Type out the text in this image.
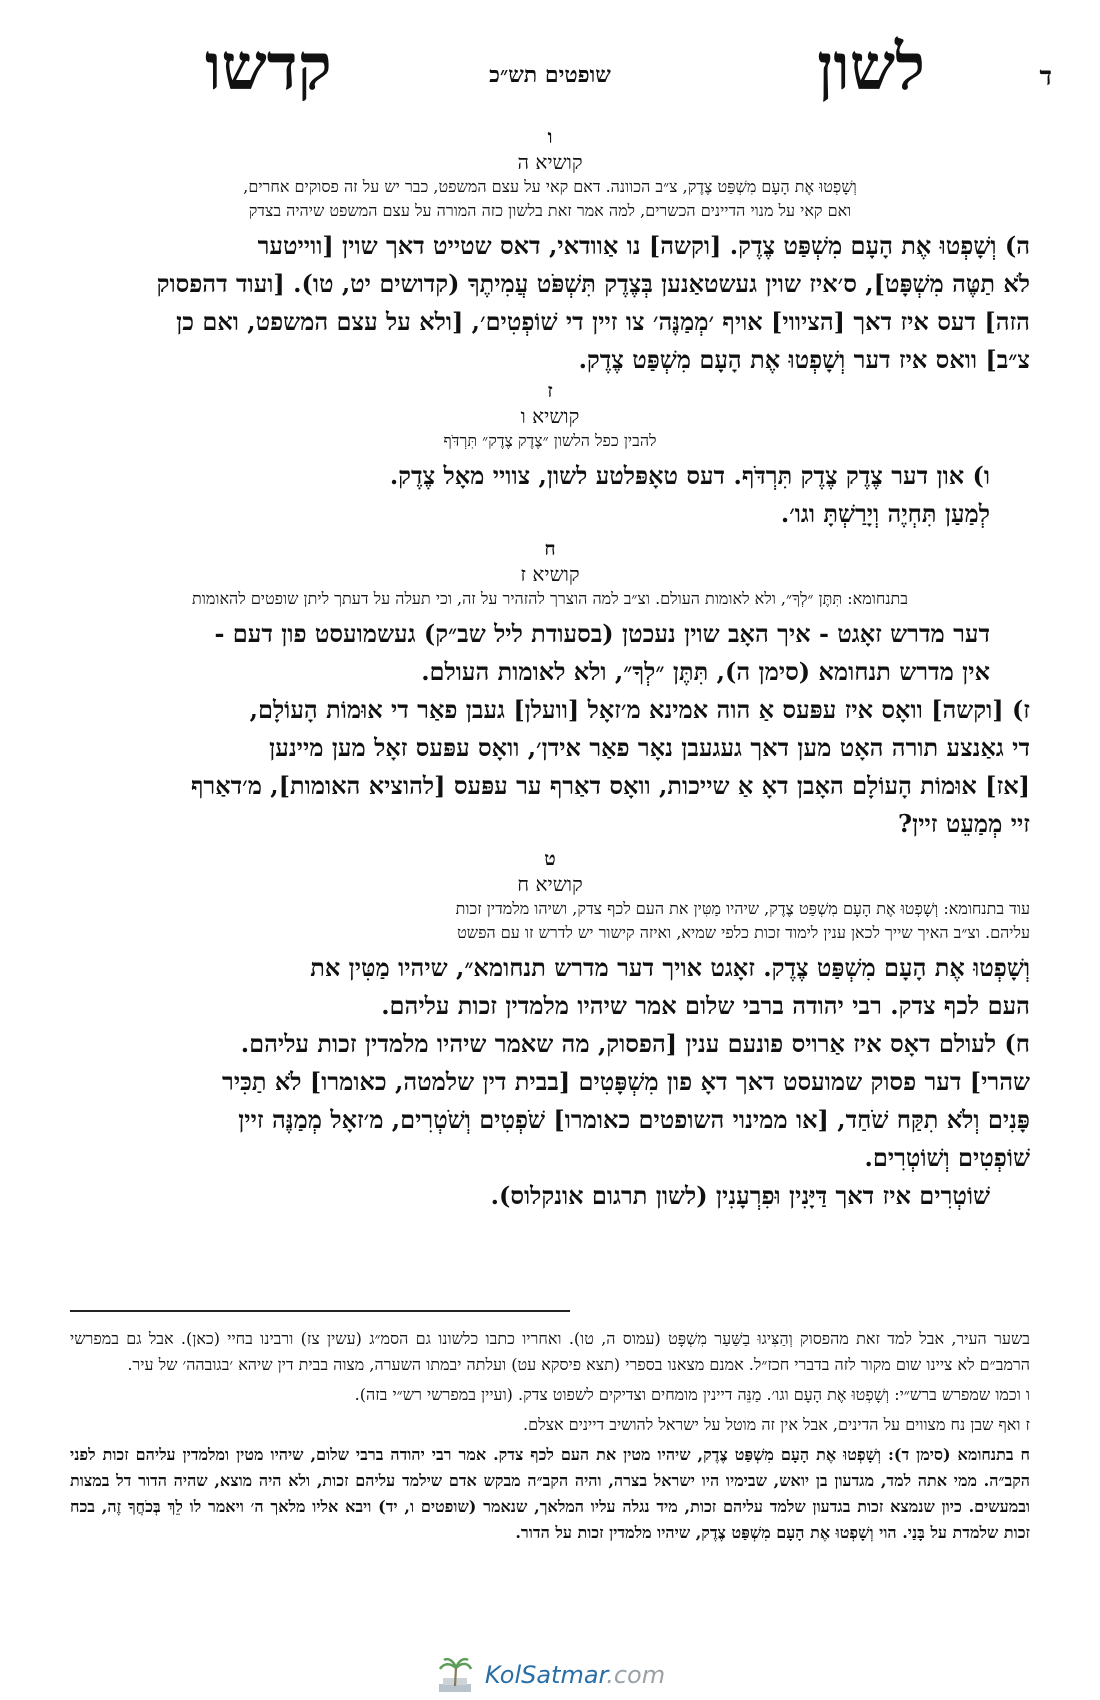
ד
לשון
שופטים תש״כ
קדשו

ו

קושיא ה

וְשָׁפְטוּ אֶת הָעָם מִשְׁפַּט צֶדֶק, צ״ב הכוונה. דאם קאי על עצם המשפט, כבר יש על זה פסוקים אחרים,
ואם קאי על מנוי הדיינים הכשרים, למה אמר זאת בלשון כזה המורה על עצם המשפט שיהיה בצדק

ה) וְשָׁפְטוּ אֶת הָעָם מִשְׁפַּט צֶדֶק. [וקשה] נו אַוודאי, דאס שטייט דאך שוין [ווייטער
לֹא תַטֶּה מִשְׁפָּט], ס׳איז שוין געשטאַנען בְּצֶדֶק תִּשְׁפֹּט עֲמִיתֶךָ (קדושים יט, טו). [ועוד דהפסוק
הזה] דעס איז דאך [הציווי] אויף ׳מְמַנֶּה׳ צו זיין די שׁוֹפְטִים׳, [ולא על עצם המשפט, ואם כן
צ״ב] וואס איז דער וְשָׁפְטוּ אֶת הָעָם מִשְׁפַּט צֶדֶק.

ז

קושיא ו

להבין כפל הלשון ״צֶדֶק צֶדֶק״ תִּרְדֹּף

ו) און דער צֶדֶק צֶדֶק תִּרְדֹּף. דעס טאָפּלטע לשון, צוויי מאָל צֶדֶק.
לְמַעַן תִּחְיֶה וְיָרַשְׁתָּ וגו׳.

ח

קושיא ז

בתנחומא: תִּתֶּן ״לְךָ״, ולא לאומות העולם. וצ״ב למה הוצרך להזהיר על זה, וכי תעלה על דעתך ליתן שופטים להאומות

דער מדרש זאָגט - איך האָב שוין נעכטן (בסעודת ליל שב״ק) געשמועסט פון דעם -
אין מדרש תנחומא (סימן ה), תִּתֶּן ״לְךָ״, ולא לאומות העולם.

ז) [וקשה] וואָס איז עפּעס אַ הוה אמינא מ׳זאָל [וועלן] געבן פאַר די אוּמוֹת הָעוֹלָם,
די גאַנצע תורה האָט מען דאך געגעבן נאָר פאַר אידן׳, וואָס עפּעס זאָל מען מיינען
[אז] אוּמוֹת הָעוֹלָם האָבן דאָ אַ שייכות, וואָס דאַרף ער עפּעס [להוציא האומות], מ׳דאַרף
זיי מְמַעֵט זיין?

ט

קושיא ח

עוד בתנחומא: וְשָׁפְטוּ אֶת הָעָם מִשְׁפַּט צֶדֶק, שיהיו מַטִּין את העם לכף צדק, ושיהו מלמדין זכות
עליהם. וצ״ב האיך שייך לכאן ענין לימוד זכות כלפי שמיא, ואיזה קישור יש לדרש זו עם הפשט

וְשָׁפְטוּ אֶת הָעָם מִשְׁפַּט צֶדֶק. זאָגט אויך דער מדרש תנחומא״, שיהיו מַטִּין את
העם לכף צדק. רבי יהודה ברבי שלום אמר שיהיו מלמדין זכות עליהם.

ח) לעולם דאָס איז אַרויס פונעם ענין [הפסוק, מה שאמר שיהיו מלמדין זכות עליהם.
שהרי] דער פסוק שמועסט דאך דאָ פון מִשְׁפָּטִים [בבית דין שלמטה, כאומרו] לֹא תַכִּיר
פָּנִים וְלֹא תִקַּח שֹׁחַד, [או ממינוי השופטים כאומרו] שֹׁפְטִים וְשֹׁטְרִים, מ׳זאָל מְמַנֶּה זיין
שׁוֹפְטִים וְשׁוֹטְרִים.

שׁוֹטְרִים איז דאך דַּיָּנִין וּפִרְעָנִין (לשון תרגום אונקלוס).

בשער העיר, אבל למד זאת מהפסוק וְהַצִּיגוּ בַשַּׁעַר מִשְׁפָּט (עמוס ה, טו). ואחריו כתבו כלשונו גם הסמ״ג (עשין צז) ורבינו בחיי (כאן). אבל גם במפרשי הרמב״ם לא ציינו שום מקור לזה בדברי חכז״ל. אמנם מצאנו בספרי (תצא פיסקא עט) ועלתה יבמתו השערה, מצוה בבית דין שיהא ׳בגובהה׳ של עיר.

ו וכמו שמפרש ברש״י: וְשָׁפְטוּ אֶת הָעָם וגו׳. מַנֵּה דיינין מומחים וצדיקים לשפוט צדק. (ועיין במפרשי רש״י בזה).

ז ואף שבן נח מצווים על הדינים, אבל אין זה מוטל על ישראל להושיב דיינים אצלם.

ח בתנחומא (סימן ד): וְשָׁפְטוּ אֶת הָעָם מִשְׁפַּט צֶדֶק, שיהיו מטין את העם לכף צדק. אמר רבי יהודה ברבי שלום, שיהיו מטין ומלמדין עליהם זכות לפני הקב״ה. ממי אתה למד, מגדעון בן יואש, שבימיו היו ישראל בצרה, והיה הקב״ה מבקש אדם שילמד עליהם זכות, ולא היה מוצא, שהיה הדור דל במצות ובמעשים. כיון שנמצא זכות בגדעון שלמד עליהם זכות, מיד נגלה עליו המלאך, שנאמר (שופטים ו, יד) ויבא אליו מלאך ה׳ ויאמר לו לֵךְ בְּכֹחֲךָ זֶה, בכח זכות שלמדת על בָּנַי. הוי וְשָׁפְטוּ אֶת הָעָם מִשְׁפַּט צֶדֶק, שיהיו מלמדין זכות על הדור.

KolSatmar.com
